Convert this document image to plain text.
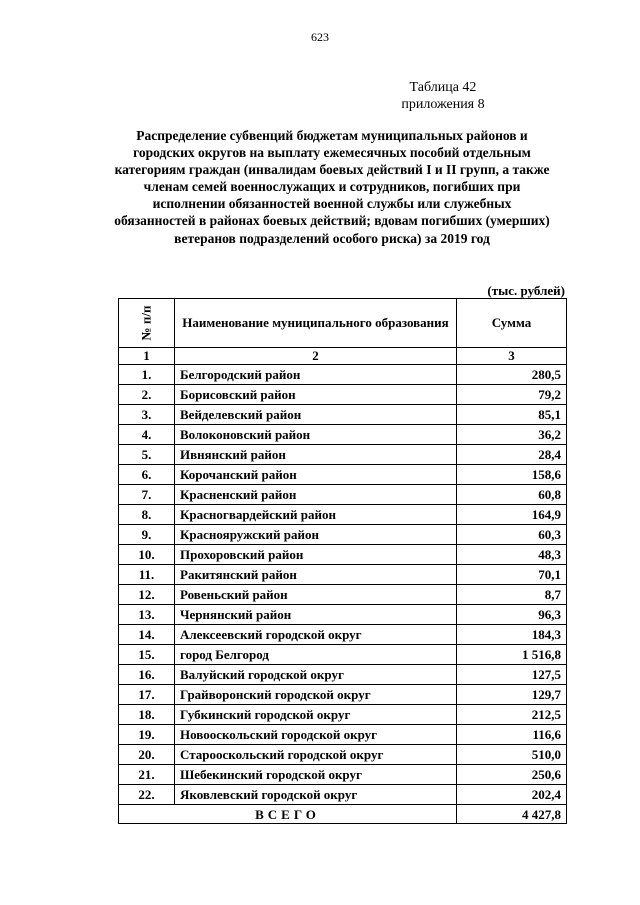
623
Таблица 42
приложения 8
Распределение субвенций бюджетам муниципальных районов и городских округов на выплату ежемесячных пособий отдельным категориям граждан (инвалидам боевых действий I и II групп, а также членам семей военнослужащих и сотрудников, погибших при исполнении обязанностей военной службы или служебных обязанностей в районах боевых действий; вдовам погибших (умерших) ветеранов подразделений особого риска) за 2019 год
(тыс. рублей)
№ п/п	Наименование муниципального образования	Сумма
1	2	3
1.	Белгородский район	280,5
2.	Борисовский район	79,2
3.	Вейделевский район	85,1
4.	Волоконовский район	36,2
5.	Ивнянский район	28,4
6.	Корочанский район	158,6
7.	Красненский район	60,8
8.	Красногвардейский район	164,9
9.	Краснояружский район	60,3
10.	Прохоровский район	48,3
11.	Ракитянский район	70,1
12.	Ровеньский район	8,7
13.	Чернянский район	96,3
14.	Алексеевский городской округ	184,3
15.	город Белгород	1 516,8
16.	Валуйский городской округ	127,5
17.	Грайворонский городской округ	129,7
18.	Губкинский городской округ	212,5
19.	Новооскольский городской округ	116,6
20.	Старооскольский городской округ	510,0
21.	Шебекинский городской округ	250,6
22.	Яковлевский городской округ	202,4
ВСЕГО		4 427,8
